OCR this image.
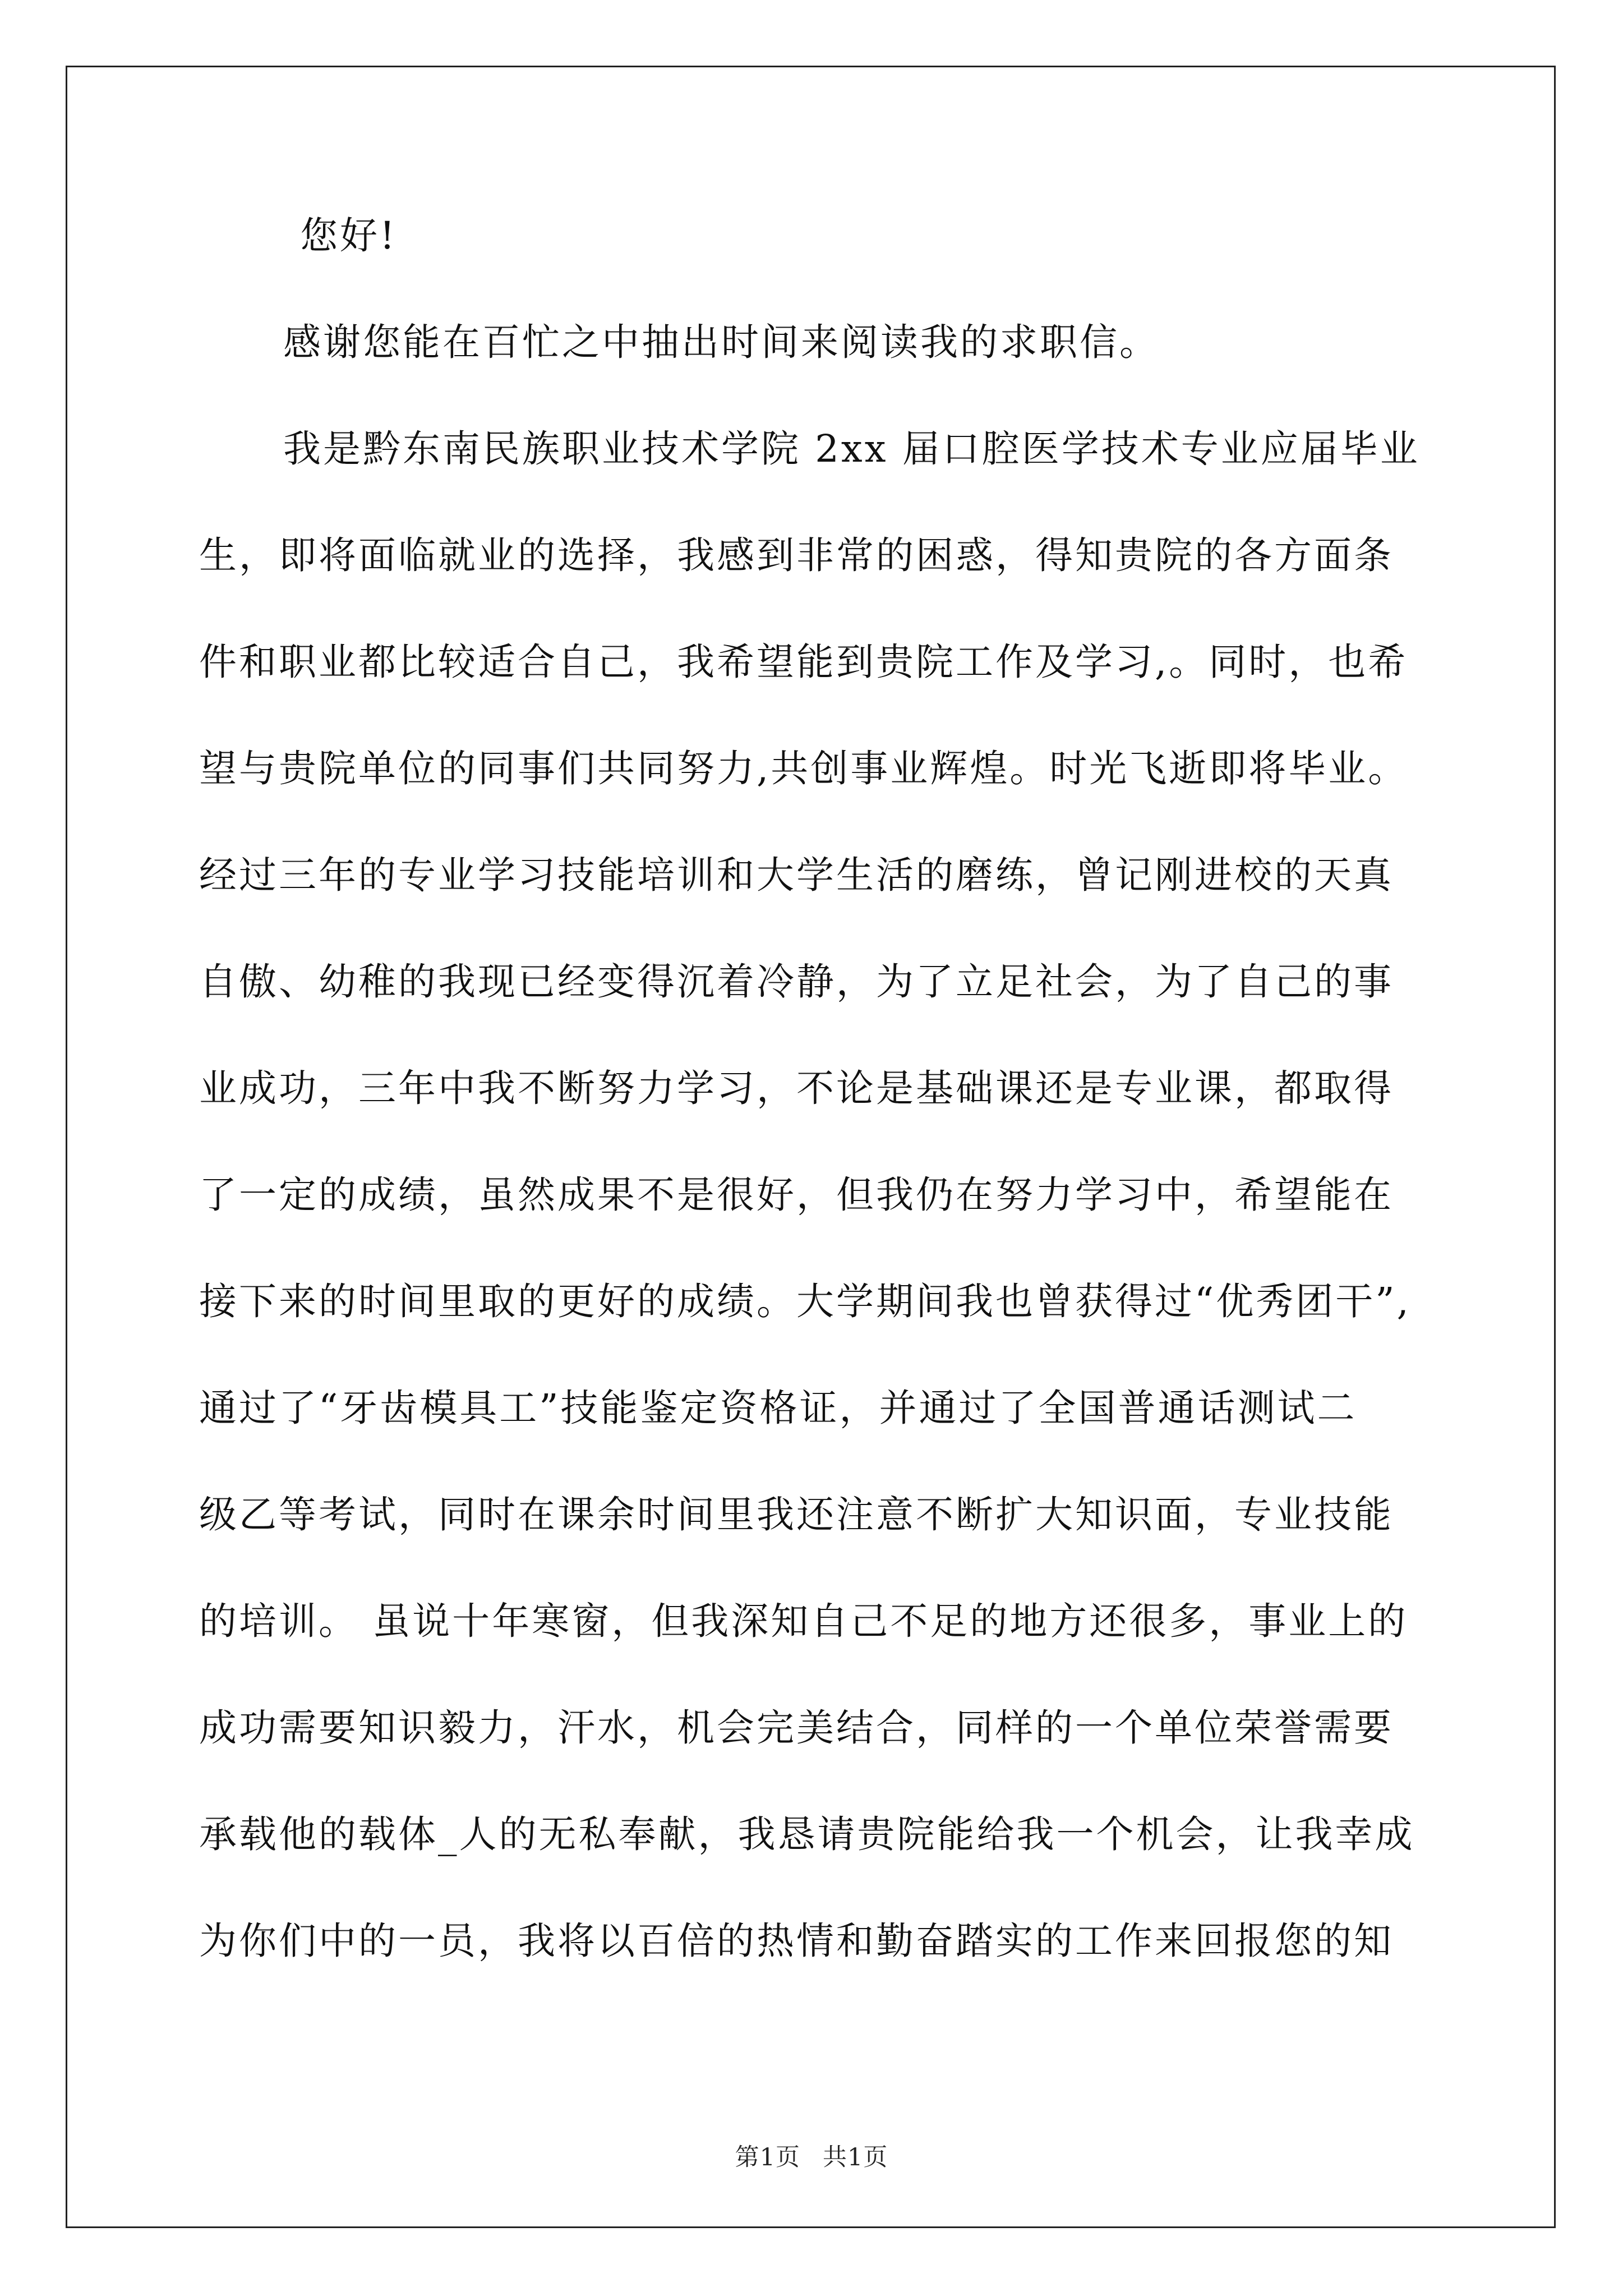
您好!
感谢您能在百忙之中抽出时间来阅读我的求职信。
我是黔东南民族职业技术学院 2xx 届口腔医学技术专业应届毕业
生，即将面临就业的选择，我感到非常的困惑，得知贵院的各方面条
件和职业都比较适合自己，我希望能到贵院工作及学习,。同时，也希
望与贵院单位的同事们共同努力,共创事业辉煌。时光飞逝即将毕业。
经过三年的专业学习技能培训和大学生活的磨练，曾记刚进校的天真
自傲、幼稚的我现已经变得沉着冷静，为了立足社会，为了自己的事
业成功，三年中我不断努力学习，不论是基础课还是专业课，都取得
了一定的成绩，虽然成果不是很好，但我仍在努力学习中，希望能在
接下来的时间里取的更好的成绩。大学期间我也曾获得过“优秀团干”,
通过了“牙齿模具工”技能鉴定资格证，并通过了全国普通话测试二
级乙等考试，同时在课余时间里我还注意不断扩大知识面，专业技能
的培训。 虽说十年寒窗，但我深知自己不足的地方还很多，事业上的
成功需要知识毅力，汗水，机会完美结合，同样的一个单位荣誉需要
承载他的载体_人的无私奉献，我恳请贵院能给我一个机会，让我幸成
为你们中的一员，我将以百倍的热情和勤奋踏实的工作来回报您的知
第1页 共1页
